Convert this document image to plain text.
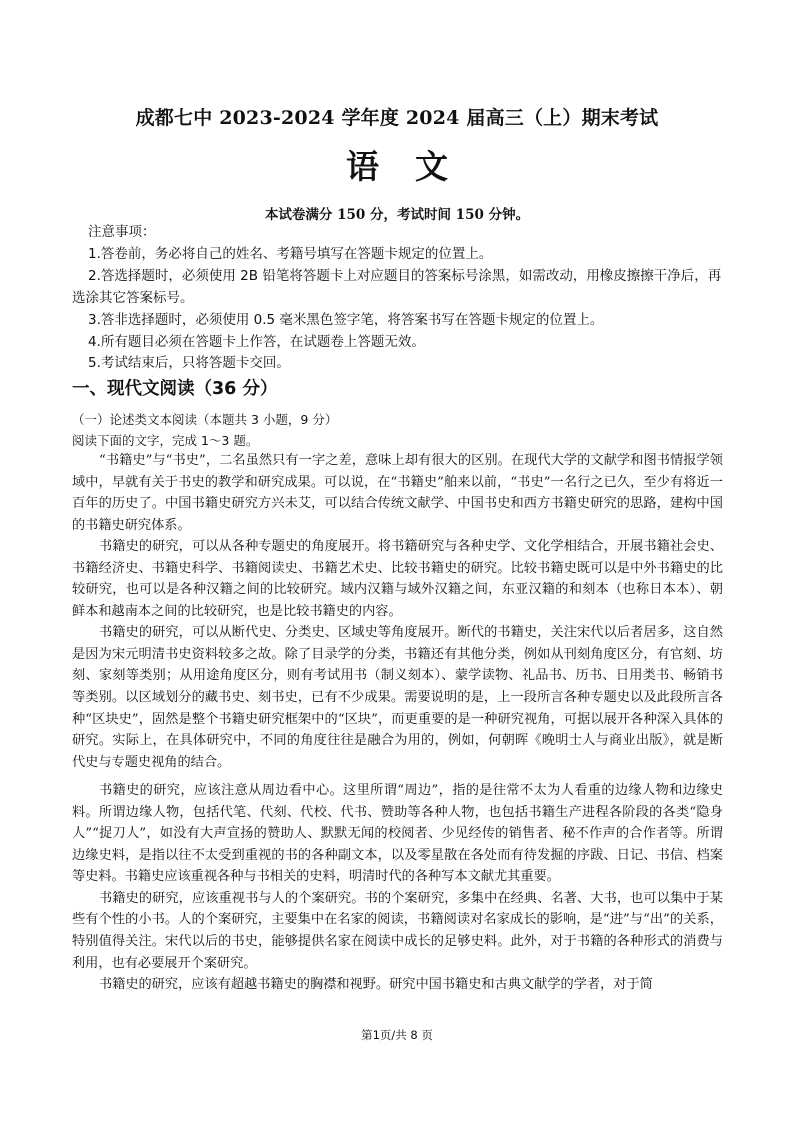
成都七中 2023-2024 学年度 2024 届高三（上）期末考试
语文
本试卷满分 150 分，考试时间 150 分钟。

注意事项：

1.答卷前，务必将自己的姓名、考籍号填写在答题卡规定的位置上。

2.答选择题时，必须使用 2B 铅笔将答题卡上对应题目的答案标号涂黑，如需改动，用橡皮擦擦干净后，再选涂其它答案标号。

3.答非选择题时，必须使用 0.5 毫米黑色签字笔，将答案书写在答题卡规定的位置上。

4.所有题目必须在答题卡上作答，在试题卷上答题无效。

5.考试结束后，只将答题卡交回。

一、现代文阅读（36 分）
（一）论述类文本阅读（本题共 3 小题，9 分）
阅读下面的文字，完成 1～3 题。

“书籍史”与“书史”，二名虽然只有一字之差，意味上却有很大的区别。在现代大学的文献学和图书情报学领域中，早就有关于书史的教学和研究成果。可以说，在“书籍史”舶来以前，“书史”一名行之已久，至少有将近一百年的历史了。中国书籍史研究方兴未艾，可以结合传统文献学、中国书史和西方书籍史研究的思路，建构中国的书籍史研究体系。

书籍史的研究，可以从各种专题史的角度展开。将书籍研究与各种史学、文化学相结合，开展书籍社会史、书籍经济史、书籍史科学、书籍阅读史、书籍艺术史、比较书籍史的研究。比较书籍史既可以是中外书籍史的比较研究，也可以是各种汉籍之间的比较研究。域内汉籍与域外汉籍之间，东亚汉籍的和刻本（也称日本本）、朝鲜本和越南本之间的比较研究，也是比较书籍史的内容。

书籍史的研究，可以从断代史、分类史、区域史等角度展开。断代的书籍史，关注宋代以后者居多，这自然是因为宋元明清书史资料较多之故。除了目录学的分类，书籍还有其他分类，例如从刊刻角度区分，有官刻、坊刻、家刻等类别；从用途角度区分，则有考试用书（制义刻本）、蒙学读物、礼品书、历书、日用类书、畅销书等类别。以区域划分的藏书史、刻书史，已有不少成果。需要说明的是，上一段所言各种专题史以及此段所言各种“区块史”，固然是整个书籍史研究框架中的“区块”，而更重要的是一种研究视角，可据以展开各种深入具体的研究。实际上，在具体研究中，不同的角度往往是融合为用的，例如，何朝晖《晚明士人与商业出版》，就是断代史与专题史视角的结合。

书籍史的研究，应该注意从周边看中心。这里所谓“周边”，指的是往常不太为人看重的边缘人物和边缘史料。所谓边缘人物，包括代笔、代刻、代校、代书、赞助等各种人物，也包括书籍生产进程各阶段的各类“隐身人”“捉刀人”，如没有大声宣扬的赞助人、默默无闻的校阅者、少见经传的销售者、秘不作声的合作者等。所谓边缘史料，是指以往不太受到重视的书的各种副文本，以及零星散在各处而有待发掘的序跋、日记、书信、档案等史料。书籍史应该重视各种与书相关的史料，明清时代的各种写本文献尤其重要。

书籍史的研究，应该重视书与人的个案研究。书的个案研究，多集中在经典、名著、大书，也可以集中于某些有个性的小书。人的个案研究，主要集中在名家的阅读，书籍阅读对名家成长的影响，是“进”与“出”的关系，特别值得关注。宋代以后的书史，能够提供名家在阅读中成长的足够史料。此外，对于书籍的各种形式的消费与利用，也有必要展开个案研究。

书籍史的研究，应该有超越书籍史的胸襟和视野。研究中国书籍史和古典文献学的学者，对于简

第1页/共 8 页
